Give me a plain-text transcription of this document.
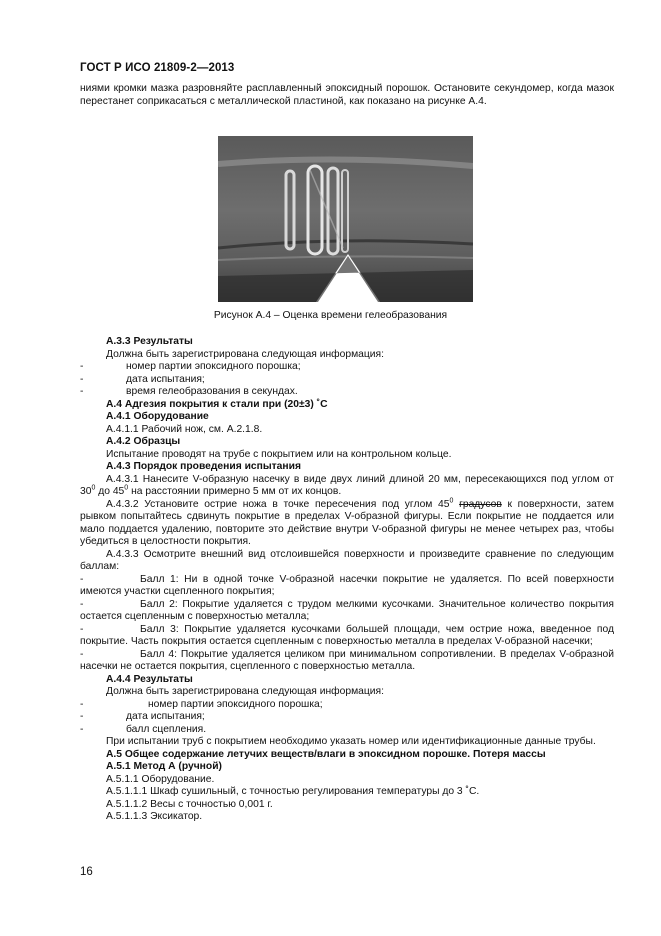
ГОСТ Р ИСО 21809-2—2013
ниями кромки мазка разровняйте расплавленный эпоксидный порошок. Остановите секундомер, когда мазок перестанет соприкасаться с металлической пластиной, как показано на рисунке А.4.
Рисунок А.4 – Оценка времени гелеобразования

А.3.3 Результаты

Должна быть зарегистрирована следующая информация:

-	номер партии эпоксидного порошка;
-	дата испытания;
-	время гелеобразования в секундах.

А.4 Адгезия покрытия к стали при (20±3) ˚С

А.4.1 Оборудование

А.4.1.1 Рабочий нож, см. А.2.1.8.

А.4.2 Образцы

Испытание проводят на трубе с покрытием или на контрольном кольце.

А.4.3 Порядок проведения испытания

А.4.3.1 Нанесите V-образную насечку в виде двух линий длиной 20 мм, пересекающихся под углом от $30^0$ до $45^0$ на расстоянии примерно 5 мм от их концов.

А.4.3.2 Установите острие ножа в точке пересечения под углом $45^0$ градусов к поверхности, затем рывком попытайтесь сдвинуть покрытие в пределах V-образной фигуры. Если покрытие не поддается или мало поддается удалению, повторите это действие внутри V-образной фигуры не менее четырех раз, чтобы убедиться в целостности покрытия.

А.4.3.3 Осмотрите внешний вид отслоившейся поверхности и произведите сравнение по следующим баллам:

-	Балл 1: Ни в одной точке V-образной насечки покрытие не удаляется. По всей поверхности имеются участки сцепленного покрытия;

-	Балл 2: Покрытие удаляется с трудом мелкими кусочками. Значительное количество покрытия остается сцепленным с поверхностью металла;

-	Балл 3: Покрытие удаляется кусочками большей площади, чем острие ножа, введенное под покрытие. Часть покрытия остается сцепленным с поверхностью металла в пределах V-образной насечки;

-	Балл 4: Покрытие удаляется целиком при минимальном сопротивлении. В пределах V-образной насечки не остается покрытия, сцепленного с поверхностью металла.

А.4.4 Результаты

Должна быть зарегистрирована следующая информация:

-	номер партии эпоксидного порошка;
-	дата испытания;
-	балл сцепления.

При испытании труб с покрытием необходимо указать номер или идентификационные данные трубы.

А.5 Общее содержание летучих веществ/влаги в эпоксидном порошке. Потеря массы

А.5.1 Метод А (ручной)

А.5.1.1 Оборудование.

А.5.1.1.1 Шкаф сушильный, с точностью регулирования температуры до 3 ˚С.

А.5.1.1.2 Весы с точностью 0,001 г.

А.5.1.1.3 Эксикатор.

16
